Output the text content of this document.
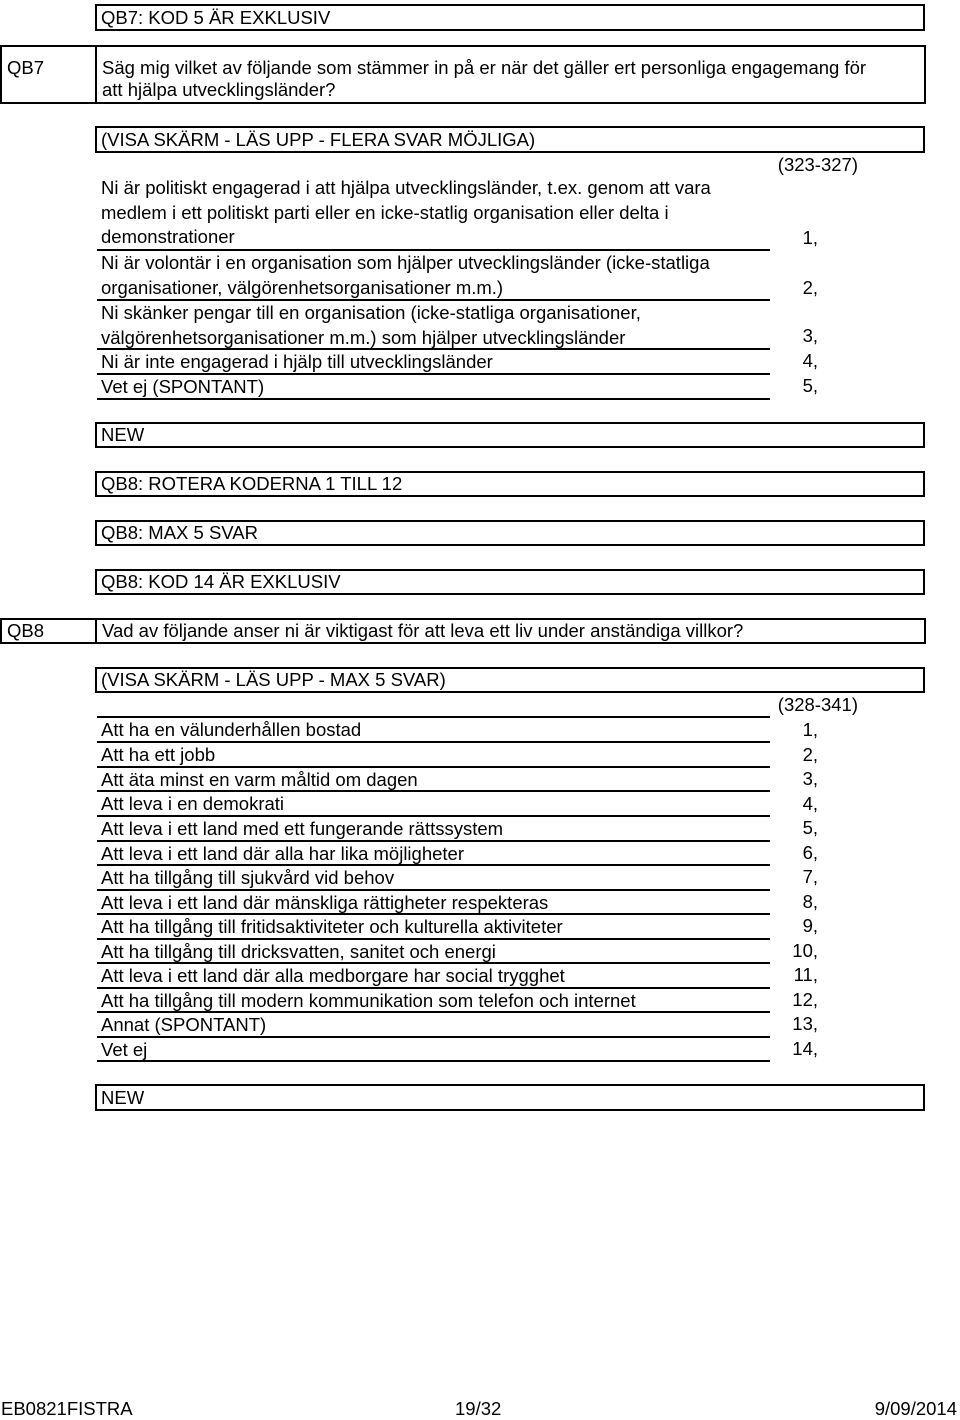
QB7: KOD 5 ÄR EXKLUSIV
QB7	Säg mig vilket av följande som stämmer in på er när det gäller ert personliga engagemang för
att hjälpa utvecklingsländer?
(VISA SKÄRM - LÄS UPP - FLERA SVAR MÖJLIGA)
(323-327)
Ni är politiskt engagerad i att hjälpa utvecklingsländer, t.ex. genom att vara
medlem i ett politiskt parti eller en icke-statlig organisation eller delta i
demonstrationer	1,
Ni är volontär i en organisation som hjälper utvecklingsländer (icke-statliga
organisationer, välgörenhetsorganisationer m.m.)	2,
Ni skänker pengar till en organisation (icke-statliga organisationer,
välgörenhetsorganisationer m.m.) som hjälper utvecklingsländer	3,
Ni är inte engagerad i hjälp till utvecklingsländer	4,
Vet ej (SPONTANT)	5,
NEW
QB8: ROTERA KODERNA 1 TILL 12
QB8: MAX 5 SVAR
QB8: KOD 14 ÄR EXKLUSIV
QB8	Vad av följande anser ni är viktigast för att leva ett liv under anständiga villkor?
(VISA SKÄRM - LÄS UPP - MAX 5 SVAR)
(328-341)
Att ha en välunderhållen bostad	1,
Att ha ett jobb	2,
Att äta minst en varm måltid om dagen	3,
Att leva i en demokrati	4,
Att leva i ett land med ett fungerande rättssystem	5,
Att leva i ett land där alla har lika möjligheter	6,
Att ha tillgång till sjukvård vid behov	7,
Att leva i ett land där mänskliga rättigheter respekteras	8,
Att ha tillgång till fritidsaktiviteter och kulturella aktiviteter	9,
Att ha tillgång till dricksvatten, sanitet och energi	10,
Att leva i ett land där alla medborgare har social trygghet	11,
Att ha tillgång till modern kommunikation som telefon och internet	12,
Annat (SPONTANT)	13,
Vet ej	14,
NEW
EB0821FISTRA	19/32	9/09/2014
